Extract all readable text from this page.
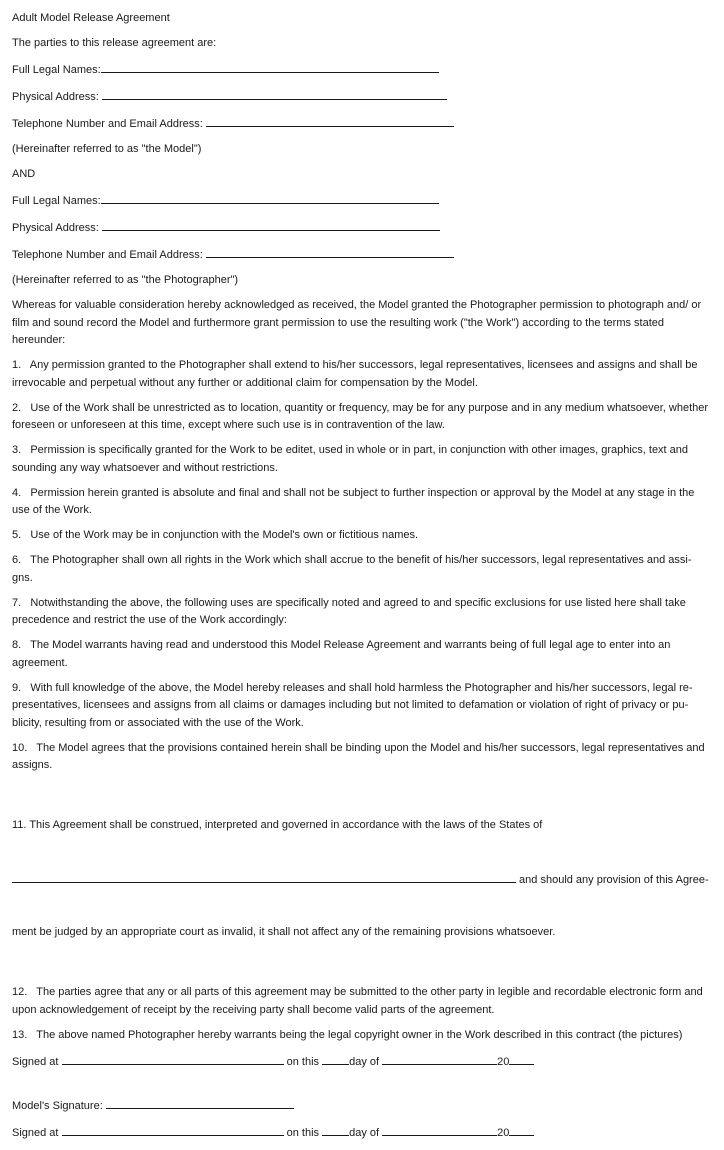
Adult Model Release Agreement
The parties to this release agreement are:
Full Legal Names:
Physical Address:
Telephone Number and Email Address:
(Hereinafter referred to as "the Model")
AND
Full Legal Names:
Physical Address:
Telephone Number and Email Address:
(Hereinafter referred to as "the Photographer")
Whereas for valuable consideration hereby acknowledged as received, the Model granted the Photographer permission to photograph and/ or film and sound record the Model and furthermore grant permission to use the resulting work ("the Work") according to the terms stated hereunder:
1.   Any permission granted to the Photographer shall extend to his/her successors, legal representatives, licensees and assigns and shall be irrevocable and perpetual without any further or additional claim for compensation by the Model.
2.   Use of the Work shall be unrestricted as to location, quantity or frequency, may be for any purpose and in any medium whatsoever, whether foreseen or unforeseen at this time, except where such use is in contravention of the law.
3.   Permission is specifically granted for the Work to be editet, used in whole or in part, in conjunction with other images, graphics, text and sounding any way whatsoever and without restrictions.
4.   Permission herein granted is absolute and final and shall not be subject to further inspection or approval by the Model at any stage in the use of the Work.
5.   Use of the Work may be in conjunction with the Model's own or fictitious names.
6.   The Photographer shall own all rights in the Work which shall accrue to the benefit of his/her successors, legal representatives and assi- gns.
7.   Notwithstanding the above, the following uses are specifically noted and agreed to and specific exclusions for use listed here shall take precedence and restrict the use of the Work accordingly:
8.   The Model warrants having read and understood this Model Release Agreement and warrants being of full legal age to enter into an agreement.
9.   With full knowledge of the above, the Model hereby releases and shall hold harmless the Photographer and his/her successors, legal re- presentatives, licensees and assigns from all claims or damages including but not limited to defamation or violation of right of privacy or pu- blicity, resulting from or associated with the use of the Work.
10.   The Model agrees that the provisions contained herein shall be binding upon the Model and his/her successors, legal representatives and assigns.

11. This Agreement shall be construed, interpreted and governed in accordance with the laws of the States of

and should any provision of this Agree-

ment be judged by an appropriate court as invalid, it shall not affect any of the remaining provisions whatsoever.

12.   The parties agree that any or all parts of this agreement may be submitted to the other party in legible and recordable electronic form and upon acknowledgement of receipt by the receiving party shall become valid parts of the agreement.
13.   The above named Photographer hereby warrants being the legal copyright owner in the Work described in this contract (the pictures)
Signed at	on this day of	20
Model's Signature:
Signed at	on this day of	20
